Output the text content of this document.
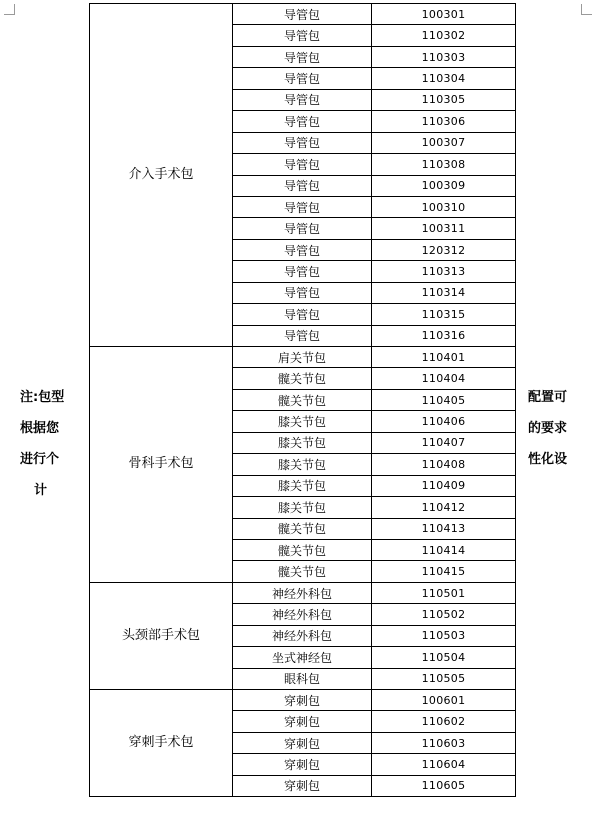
注:包型
根据您
进行个
计
配置可
的要求
性化设
介入手术包	导管包	100301
	导管包	110302
	导管包	110303
	导管包	110304
	导管包	110305
	导管包	110306
	导管包	100307
	导管包	110308
	导管包	100309
	导管包	100310
	导管包	100311
	导管包	120312
	导管包	110313
	导管包	110314
	导管包	110315
	导管包	110316
骨科手术包	肩关节包	110401
	髋关节包	110404
	髋关节包	110405
	膝关节包	110406
	膝关节包	110407
	膝关节包	110408
	膝关节包	110409
	膝关节包	110412
	髋关节包	110413
	髋关节包	110414
	髋关节包	110415
头颈部手术包	神经外科包	110501
	神经外科包	110502
	神经外科包	110503
	坐式神经包	110504
	眼科包	110505
穿刺手术包	穿刺包	100601
	穿刺包	110602
	穿刺包	110603
	穿刺包	110604
	穿刺包	110605
